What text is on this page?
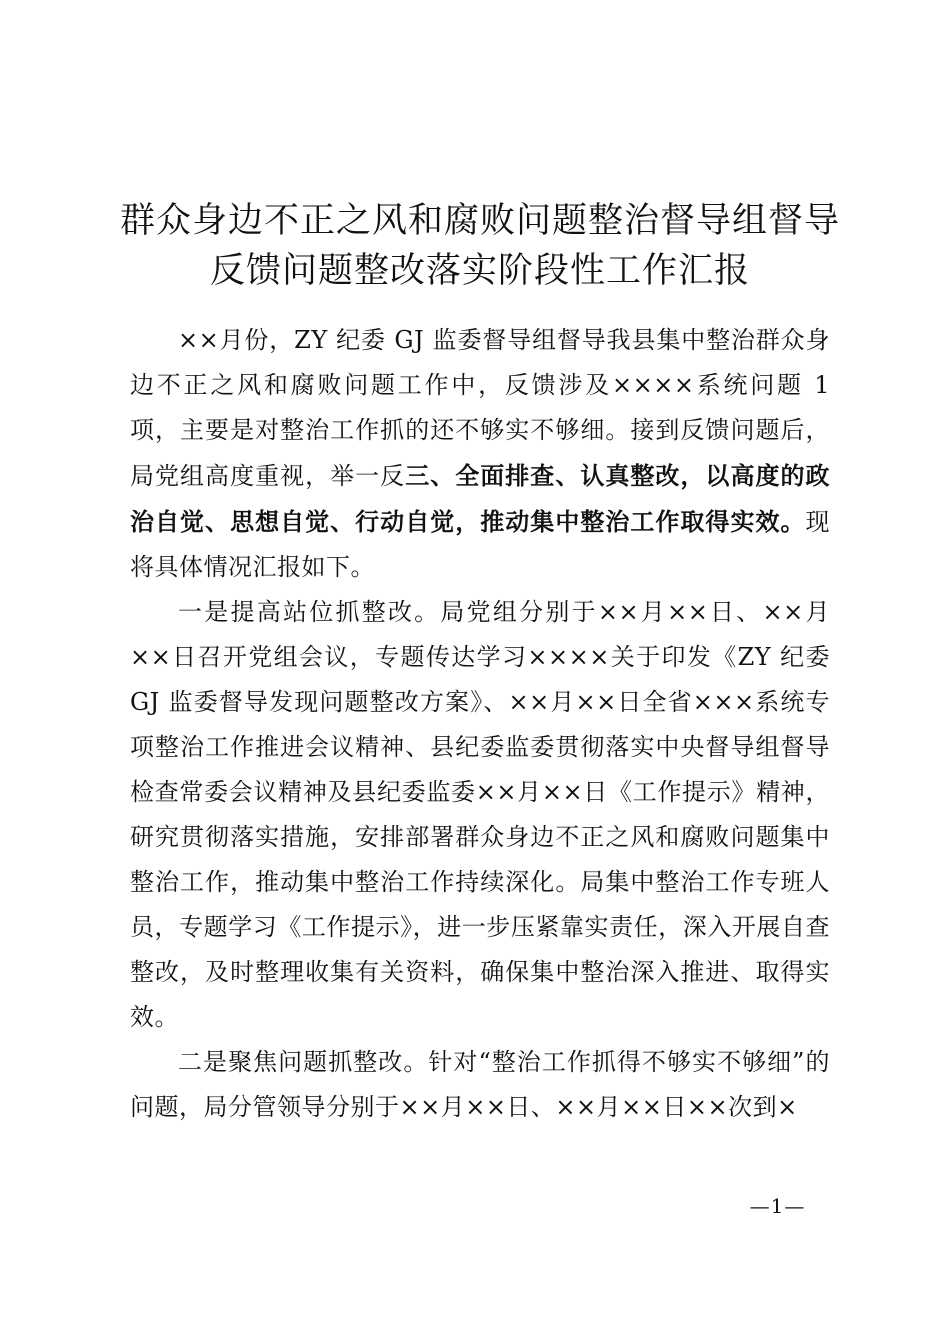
群众身边不正之风和腐败问题整治督导组督导
反馈问题整改落实阶段性工作汇报

××月份，ZY 纪委 GJ 监委督导组督导我县集中整治群众身边不正之风和腐败问题工作中，反馈涉及××××系统问题 1 项，主要是对整治工作抓的还不够实不够细。接到反馈问题后，局党组高度重视，举一反三、全面排查、认真整改，以高度的政治自觉、思想自觉、行动自觉，推动集中整治工作取得实效。现将具体情况汇报如下。

一是提高站位抓整改。局党组分别于××月××日、××月××日召开党组会议，专题传达学习××××关于印发《ZY 纪委 GJ 监委督导发现问题整改方案》、××月××日全省×××系统专项整治工作推进会议精神、县纪委监委贯彻落实中央督导组督导检查常委会议精神及县纪委监委××月××日《工作提示》精神，研究贯彻落实措施，安排部署群众身边不正之风和腐败问题集中整治工作，推动集中整治工作持续深化。局集中整治工作专班人员，专题学习《工作提示》，进一步压紧靠实责任，深入开展自查整改，及时整理收集有关资料，确保集中整治深入推进、取得实效。

二是聚焦问题抓整改。针对“整治工作抓得不够实不够细”的问题，局分管领导分别于××月××日、××月××日××次到×

—1—
